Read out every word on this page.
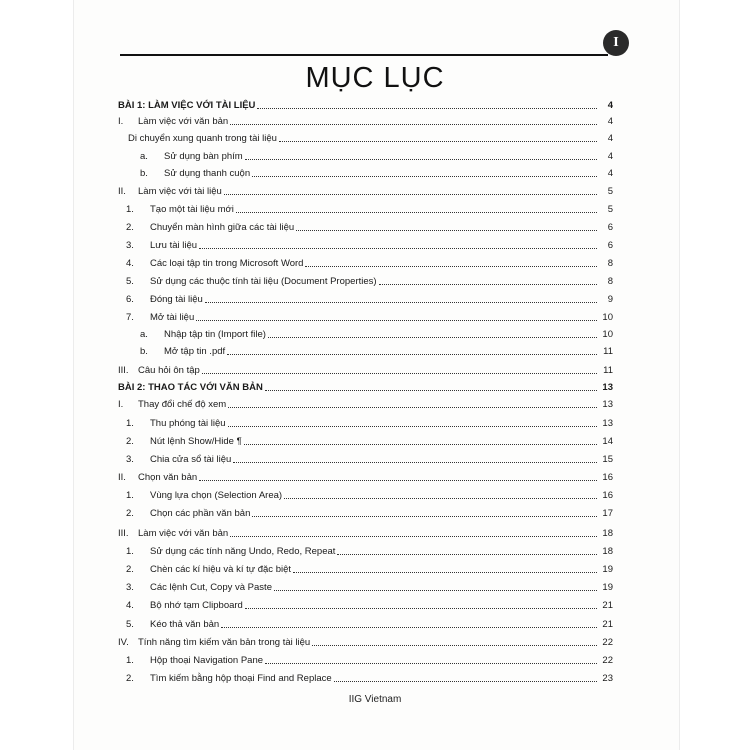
I
MỤC LỤC
BÀI 1: LÀM VIỆC VỚI TÀI LIỆU	4
I.	Làm việc với văn bản	4
Di chuyển xung quanh trong tài liệu	4
a.	Sử dụng bàn phím	4
b.	Sử dụng thanh cuộn	4
II.	Làm việc với tài liệu	5
1.	Tạo một tài liệu mới	5
2.	Chuyển màn hình giữa các tài liệu	6
3.	Lưu tài liệu	6
4.	Các loại tập tin trong Microsoft Word	8
5.	Sử dụng các thuộc tính tài liệu (Document Properties)	8
6.	Đóng tài liệu	9
7.	Mở tài liệu	10
a.	Nhập tập tin (Import file)	10
b.	Mở tập tin .pdf	11
III. Câu hỏi ôn tập	11
BÀI 2: THAO TÁC VỚI VĂN BẢN	13
I.	Thay đổi chế độ xem	13
1.	Thu phóng tài liệu	13
2.	Nút lệnh Show/Hide ¶	14
3.	Chia cửa sổ tài liệu	15
II.	Chọn văn bản	16
1.	Vùng lựa chọn (Selection Area)	16
2.	Chọn các phần văn bản	17
III. Làm việc với văn bản	18
1.	Sử dụng các tính năng Undo, Redo, Repeat	18
2.	Chèn các kí hiệu và kí tự đặc biệt	19
3.	Các lệnh Cut, Copy và Paste	19
4.	Bộ nhớ tạm Clipboard	21
5.	Kéo thả văn bản	21
IV. Tính năng tìm kiếm văn bản trong tài liệu	22
1.	Hộp thoại Navigation Pane	22
2.	Tìm kiếm bằng hộp thoại Find and Replace	23
IIG Vietnam
